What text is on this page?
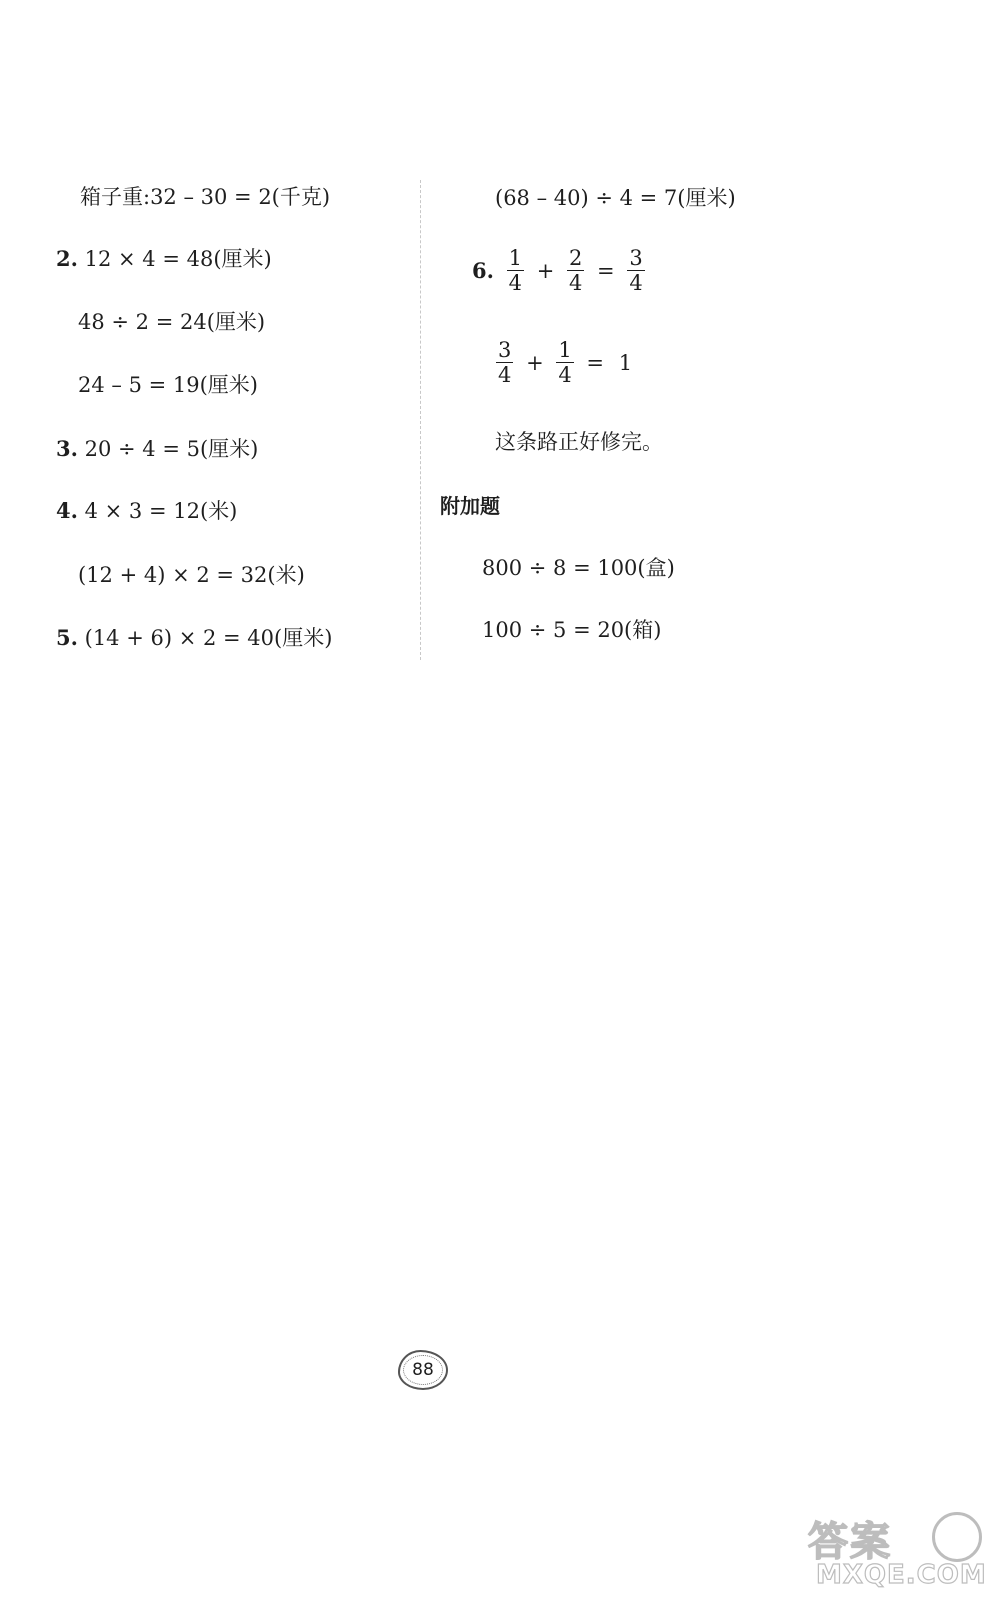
箱子重:32 – 30 = 2(千克)
2. 12 × 4 = 48(厘米)
48 ÷ 2 = 24(厘米)
24 – 5 = 19(厘米)
3. 20 ÷ 4 = 5(厘米)
4. 4 × 3 = 12(米)
(12 + 4) × 2 = 32(米)
5. (14 + 6) × 2 = 40(厘米)
(68 – 40) ÷ 4 = 7(厘米)
6. $\frac{1}{4} + \frac{2}{4} = \frac{3}{4}$
$\frac{3}{4} + \frac{1}{4} = 1$
这条路正好修完。
附加题
800 ÷ 8 = 100(盒)
100 ÷ 5 = 20(箱)
88
答案
MXQE.COM
